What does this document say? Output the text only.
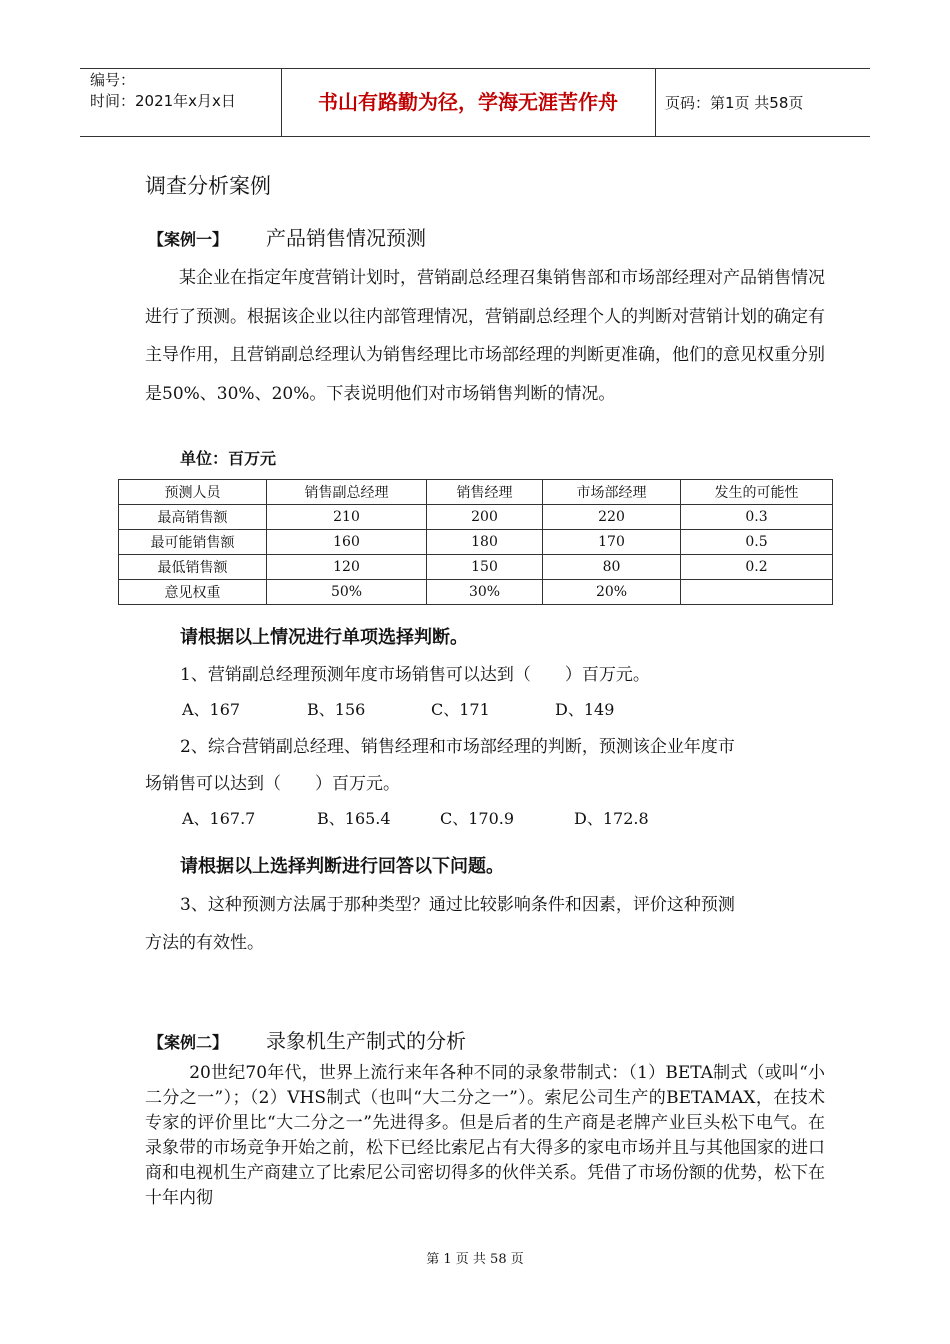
编号：
时间：2021年x月x日	书山有路勤为径，学海无涯苦作舟	页码：第1页 共58页
调查分析案例
【案例一】	产品销售情况预测
某企业在指定年度营销计划时，营销副总经理召集销售部和市场部经理对产品销售情况进行了预测。根据该企业以往内部管理情况，营销副总经理个人的判断对营销计划的确定有主导作用，且营销副总经理认为销售经理比市场部经理的判断更准确，他们的意见权重分别是50%、30%、20%。下表说明他们对市场销售判断的情况。
单位：百万元
预测人员	销售副总经理	销售经理	市场部经理	发生的可能性
最高销售额	210	200	220	0.3
最可能销售额	160	180	170	0.5
最低销售额	120	150	80	0.2
意见权重	50%	30%	20%	
请根据以上情况进行单项选择判断。
1、营销副总经理预测年度市场销售可以达到（　　）百万元。
A、167	B、156	C、171	D、149
2、综合营销副总经理、销售经理和市场部经理的判断，预测该企业年度市
场销售可以达到（　　）百万元。
A、167.7	B、165.4	C、170.9	D、172.8
请根据以上选择判断进行回答以下问题。
3、这种预测方法属于那种类型？通过比较影响条件和因素，评价这种预测
方法的有效性。
【案例二】	录象机生产制式的分析
20世纪70年代，世界上流行来年各种不同的录象带制式：（1）BETA制式（或叫“小二分之一”）；（2）VHS制式（也叫“大二分之一”）。索尼公司生产的BETAMAX，在技术专家的评价里比“大二分之一”先进得多。但是后者的生产商是老牌产业巨头松下电气。在录象带的市场竞争开始之前，松下已经比索尼占有大得多的家电市场并且与其他国家的进口商和电视机生产商建立了比索尼公司密切得多的伙伴关系。凭借了市场份额的优势，松下在十年内彻
第 1 页 共 58 页
